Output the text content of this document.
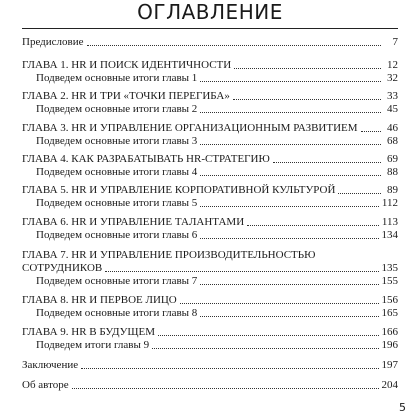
ОГЛАВЛЕНИЕ
Предисловие	7
ГЛАВА 1. HR И ПОИСК ИДЕНТИЧНОСТИ	12
Подведем основные итоги главы 1	32
ГЛАВА 2. HR И ТРИ «ТОЧКИ ПЕРЕГИБА»	33
Подведем основные итоги главы 2	45
ГЛАВА 3. HR И УПРАВЛЕНИЕ ОРГАНИЗАЦИОННЫМ РАЗВИТИЕМ	46
Подведем основные итоги главы 3	68
ГЛАВА 4. КАК РАЗРАБАТЫВАТЬ HR-СТРАТЕГИЮ	69
Подведем основные итоги главы 4	88
ГЛАВА 5. HR И УПРАВЛЕНИЕ КОРПОРАТИВНОЙ КУЛЬТУРОЙ	89
Подведем основные итоги главы 5	112
ГЛАВА 6. HR И УПРАВЛЕНИЕ ТАЛАНТАМИ	113
Подведем основные итоги главы 6	134
ГЛАВА 7. HR И УПРАВЛЕНИЕ ПРОИЗВОДИТЕЛЬНОСТЬЮ
СОТРУДНИКОВ	135
Подведем основные итоги главы 7	155
ГЛАВА 8. HR И ПЕРВОЕ ЛИЦО	156
Подведем основные итоги главы 8	165
ГЛАВА 9. HR В БУДУЩЕМ	166
Подведем итоги главы 9	196
Заключение	197
Об авторе	204
5
